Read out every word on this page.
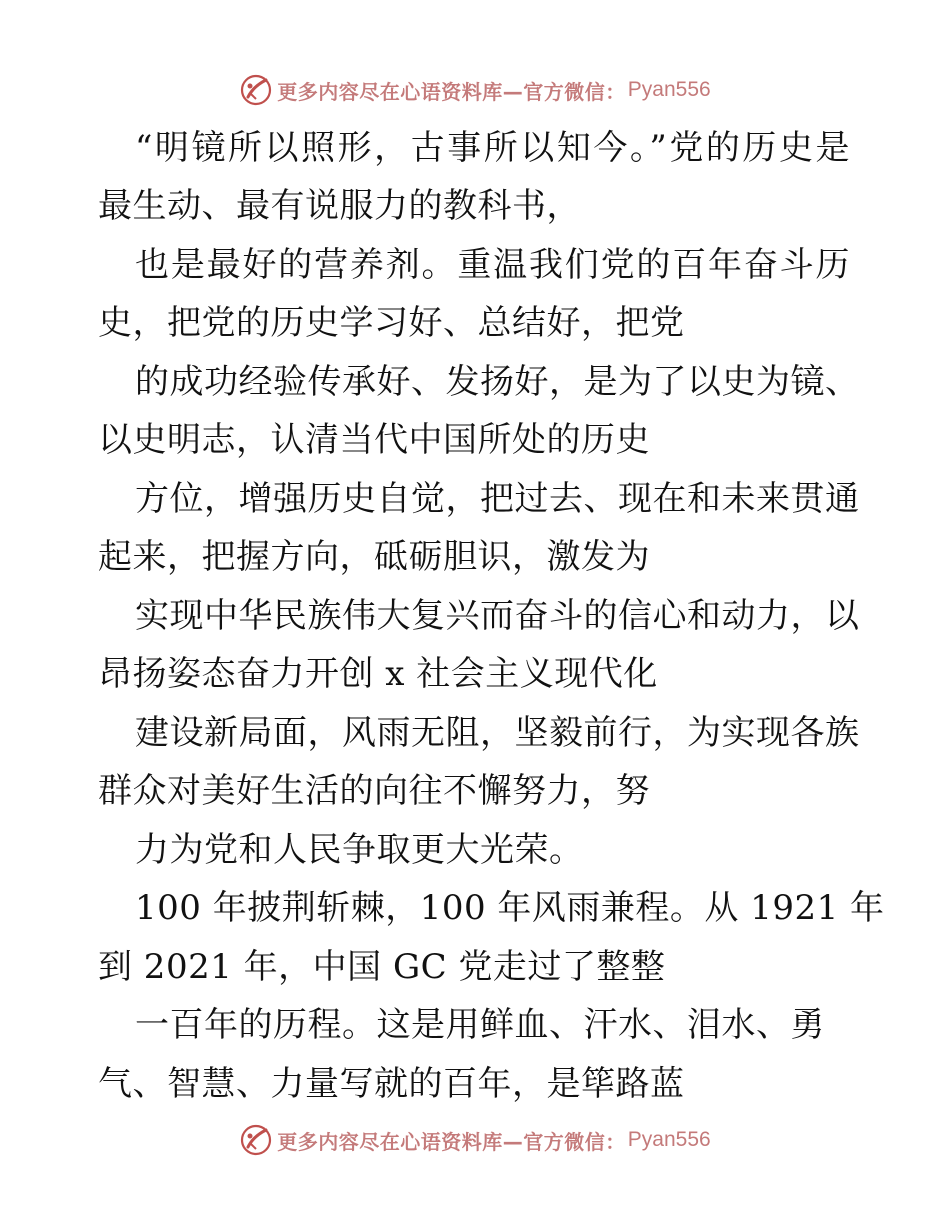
更多内容尽在心语资料库—官方微信： Pyan556
“明镜所以照形，古事所以知今。”党的历史是
最生动、最有说服力的教科书，
也是最好的营养剂。重温我们党的百年奋斗历
史，把党的历史学习好、总结好，把党
的成功经验传承好、发扬好，是为了以史为镜、
以史明志，认清当代中国所处的历史
方位，增强历史自觉，把过去、现在和未来贯通
起来，把握方向，砥砺胆识，激发为
实现中华民族伟大复兴而奋斗的信心和动力，以
昂扬姿态奋力开创 x 社会主义现代化
建设新局面，风雨无阻，坚毅前行，为实现各族
群众对美好生活的向往不懈努力，努
力为党和人民争取更大光荣。
100 年披荆斩棘，100 年风雨兼程。从 1921 年
到 2021 年，中国 GC 党走过了整整
一百年的历程。这是用鲜血、汗水、泪水、勇
气、智慧、力量写就的百年，是筚路蓝
更多内容尽在心语资料库—官方微信： Pyan556
